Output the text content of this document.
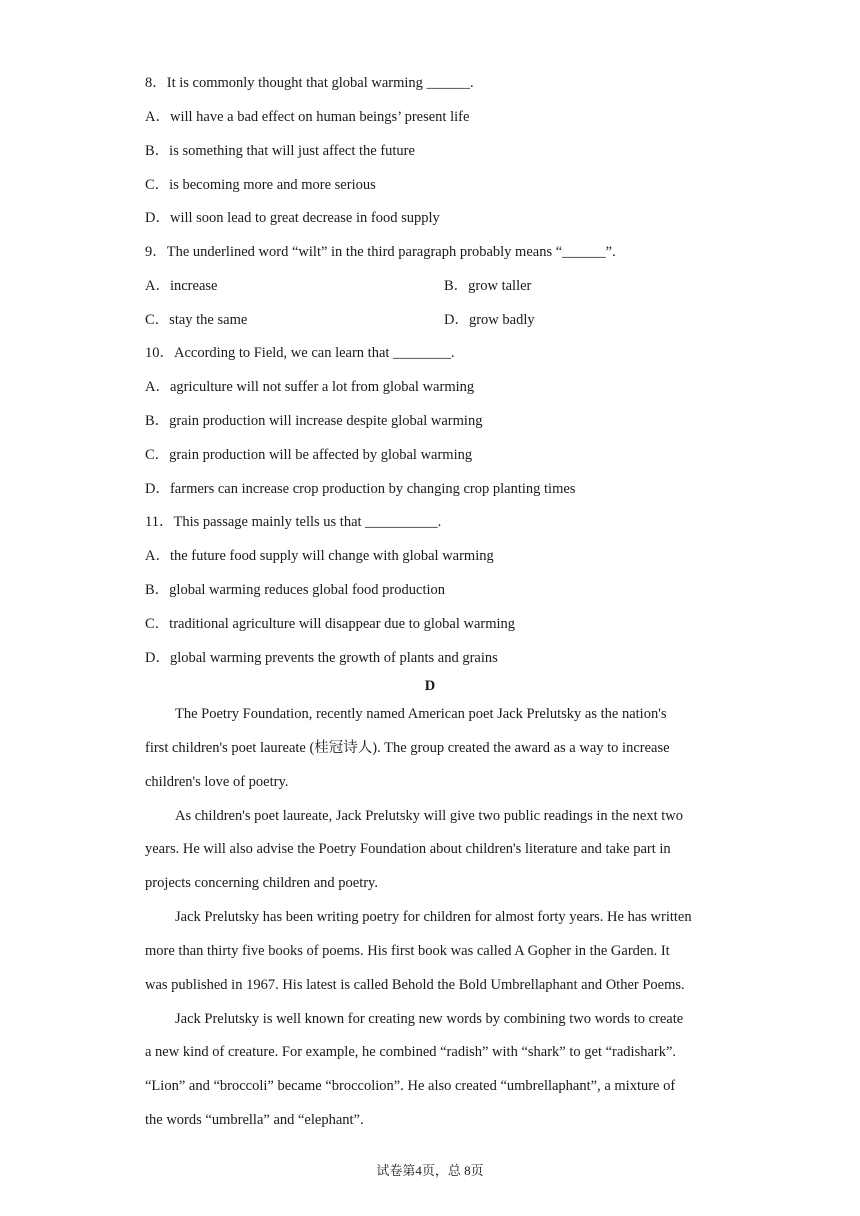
8．It is commonly thought that global warming ______.
A．will have a bad effect on human beings’ present life
B．is something that will just affect the future
C．is becoming more and more serious
D．will soon lead to great decrease in food supply
9．The underlined word “wilt” in the third paragraph probably means “______”.
A．increase	B．grow taller
C．stay the same	D．grow badly
10．According to Field, we can learn that ________.
A．agriculture will not suffer a lot from global warming
B．grain production will increase despite global warming
C．grain production will be affected by global warming
D．farmers can increase crop production by changing crop planting times
11．This passage mainly tells us that __________.
A．the future food supply will change with global warming
B．global warming reduces global food production
C．traditional agriculture will disappear due to global warming
D．global warming prevents the growth of plants and grains
D
The Poetry Foundation, recently named American poet Jack Prelutsky as the nation's
first children's poet laureate (桂冠诗人). The group created the award as a way to increase
children's love of poetry.
As children's poet laureate, Jack Prelutsky will give two public readings in the next two
years. He will also advise the Poetry Foundation about children's literature and take part in
projects concerning children and poetry.
Jack Prelutsky has been writing poetry for children for almost forty years. He has written
more than thirty five books of poems. His first book was called A Gopher in the Garden. It
was published in 1967. His latest is called Behold the Bold Umbrellaphant and Other Poems.
Jack Prelutsky is well known for creating new words by combining two words to create
a new kind of creature. For example, he combined “radish” with “shark” to get “radishark”.
“Lion” and “broccoli” became “broccolion”. He also created “umbrellaphant”, a mixture of
the words “umbrella” and “elephant”.
试卷第4页，总 8页
